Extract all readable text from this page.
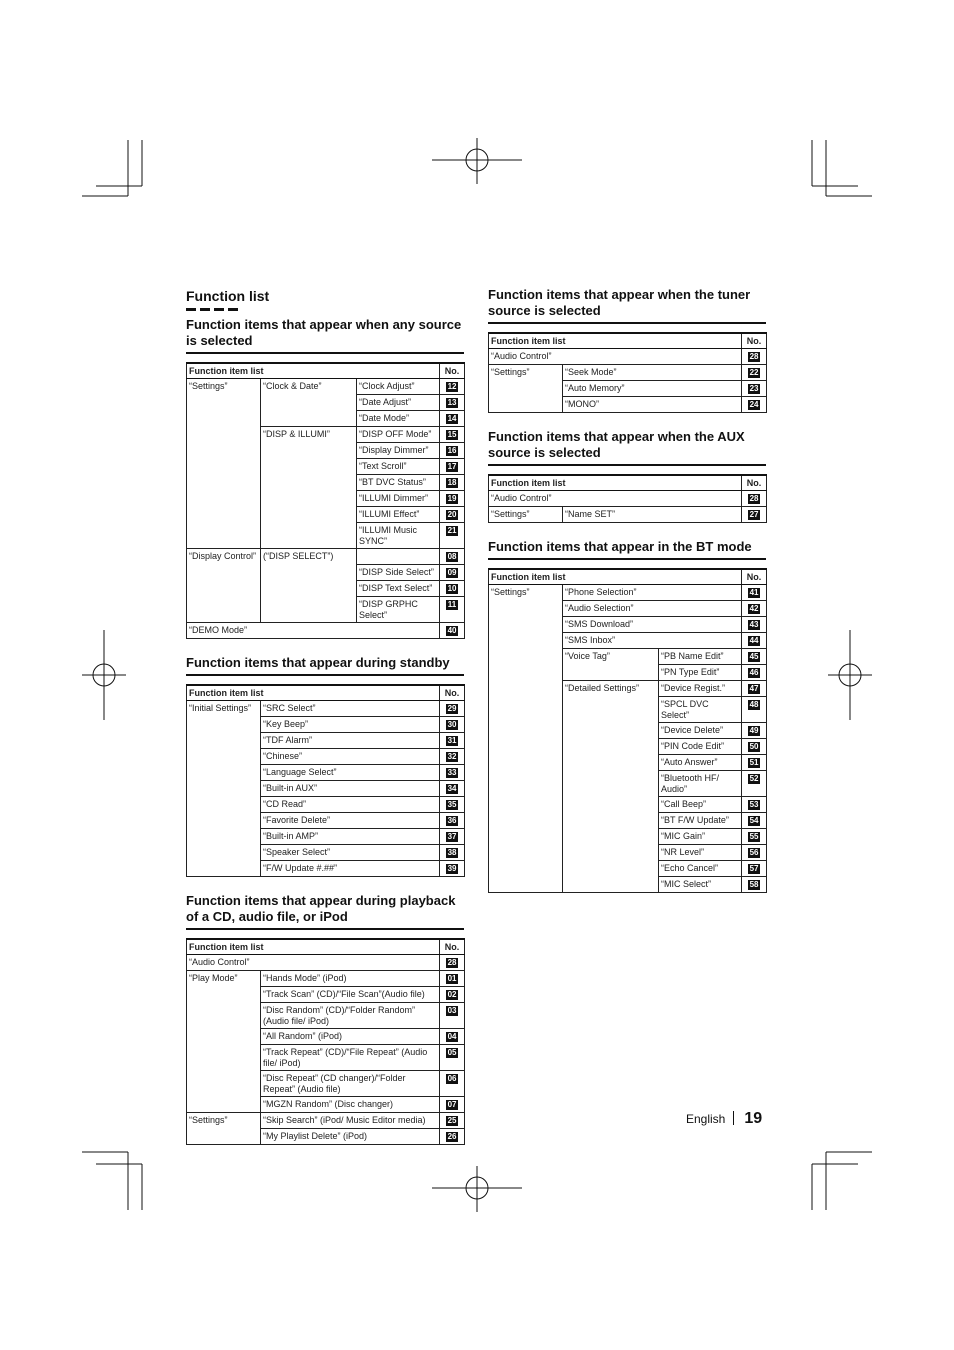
Function list
Function items that appear when any source is selected
Function item list			No.
“Settings”	“Clock & Date”	“Clock Adjust”	12
		“Date Adjust”	13
		“Date Mode”	14
	“DISP & ILLUMI”	“DISP OFF Mode”	15
		“Display Dimmer”	16
		“Text Scroll”	17
		“BT DVC Status”	18
		“ILLUMI Dimmer”	19
		“ILLUMI Effect”	20
		“ILLUMI Music SYNC”	21
“Display Control”	(“DISP SELECT”)		08
		“DISP Side Select”	09
		“DISP Text Select”	10
		“DISP GRPHC Select”	11
“DEMO Mode”			40
Function items that appear during standby
Function item list		No.
“Initial Settings”	“SRC Select”	29
	“Key Beep”	30
	“TDF Alarm”	31
	“Chinese”	32
	“Language Select”	33
	“Built-in AUX”	34
	“CD Read”	35
	“Favorite Delete”	36
	“Built-in AMP”	37
	“Speaker Select”	38
	“F/W Update #.##”	39
Function items that appear during playback of a CD, audio file, or iPod
Function item list		No.
“Audio Control”		28
“Play Mode”	“Hands Mode” (iPod)	01
	“Track Scan” (CD)/“File Scan”(Audio file)	02
	“Disc Random” (CD)/“Folder Random” (Audio file/ iPod)	03
	“All Random” (iPod)	04
	“Track Repeat” (CD)/“File Repeat” (Audio file/ iPod)	05
	“Disc Repeat” (CD changer)/“Folder Repeat” (Audio file)	06
	“MGZN Random” (Disc changer)	07
“Settings”	“Skip Search” (iPod/ Music Editor media)	25
	“My Playlist Delete” (iPod)	26
Function items that appear when the tuner source is selected
Function item list		No.
“Audio Control”		28
“Settings”	“Seek Mode”	22
	“Auto Memory”	23
	“MONO”	24
Function items that appear when the AUX source is selected
Function item list		No.
“Audio Control”		28
“Settings”	“Name SET”	27
Function items that appear in the BT mode
Function item list			No.
“Settings”	“Phone Selection”		41
	“Audio Selection”		42
	“SMS Download”		43
	“SMS Inbox”		44
	“Voice Tag”	“PB Name Edit”	45
		“PN Type Edit”	46
	“Detailed Settings”	“Device Regist.”	47
		“SPCL DVC Select”	48
		“Device Delete”	49
		“PIN Code Edit”	50
		“Auto Answer”	51
		“Bluetooth HF/ Audio”	52
		“Call Beep”	53
		“BT F/W Update”	54
		“MIC Gain”	55
		“NR Level”	56
		“Echo Cancel”	57
		“MIC Select”	58
English 19
